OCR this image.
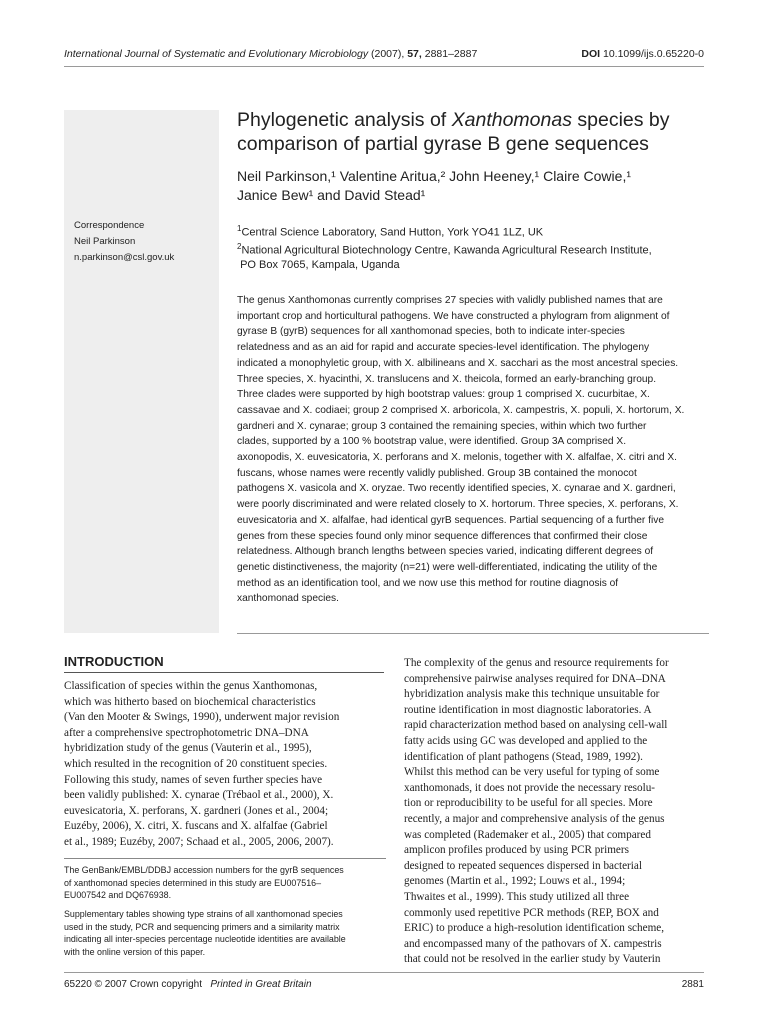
International Journal of Systematic and Evolutionary Microbiology (2007), 57, 2881–2887	DOI 10.1099/ijs.0.65220-0
Correspondence
Neil Parkinson
n.parkinson@csl.gov.uk
Phylogenetic analysis of Xanthomonas species by
comparison of partial gyrase B gene sequences
Neil Parkinson,¹ Valentine Aritua,² John Heeney,¹ Claire Cowie,¹
Janice Bew¹ and David Stead¹
$^1$Central Science Laboratory, Sand Hutton, York YO41 1LZ, UK
$^2$National Agricultural Biotechnology Centre, Kawanda Agricultural Research Institute,
PO Box 7065, Kampala, Uganda
The genus Xanthomonas currently comprises 27 species with validly published names that are
important crop and horticultural pathogens. We have constructed a phylogram from alignment of
gyrase B (gyrB) sequences for all xanthomonad species, both to indicate inter-species
relatedness and as an aid for rapid and accurate species-level identification. The phylogeny
indicated a monophyletic group, with X. albilineans and X. sacchari as the most ancestral species.
Three species, X. hyacinthi, X. translucens and X. theicola, formed an early-branching group.
Three clades were supported by high bootstrap values: group 1 comprised X. cucurbitae, X.
cassavae and X. codiaei; group 2 comprised X. arboricola, X. campestris, X. populi, X. hortorum, X.
gardneri and X. cynarae; group 3 contained the remaining species, within which two further
clades, supported by a 100 % bootstrap value, were identified. Group 3A comprised X.
axonopodis, X. euvesicatoria, X. perforans and X. melonis, together with X. alfalfae, X. citri and X.
fuscans, whose names were recently validly published. Group 3B contained the monocot
pathogens X. vasicola and X. oryzae. Two recently identified species, X. cynarae and X. gardneri,
were poorly discriminated and were related closely to X. hortorum. Three species, X. perforans, X.
euvesicatoria and X. alfalfae, had identical gyrB sequences. Partial sequencing of a further five
genes from these species found only minor sequence differences that confirmed their close
relatedness. Although branch lengths between species varied, indicating different degrees of
genetic distinctiveness, the majority (n=21) were well-differentiated, indicating the utility of the
method as an identification tool, and we now use this method for routine diagnosis of
xanthomonad species.
INTRODUCTION
Classification of species within the genus Xanthomonas,
which was hitherto based on biochemical characteristics
(Van den Mooter & Swings, 1990), underwent major revision
after a comprehensive spectrophotometric DNA–DNA
hybridization study of the genus (Vauterin et al., 1995),
which resulted in the recognition of 20 constituent species.
Following this study, names of seven further species have
been validly published: X. cynarae (Trébaol et al., 2000), X.
euvesicatoria, X. perforans, X. gardneri (Jones et al., 2004;
Euzéby, 2006), X. citri, X. fuscans and X. alfalfae (Gabriel
et al., 1989; Euzéby, 2007; Schaad et al., 2005, 2006, 2007).
The complexity of the genus and resource requirements for
comprehensive pairwise analyses required for DNA–DNA
hybridization analysis make this technique unsuitable for
routine identification in most diagnostic laboratories. A
rapid characterization method based on analysing cell-wall
fatty acids using GC was developed and applied to the
identification of plant pathogens (Stead, 1989, 1992).
Whilst this method can be very useful for typing of some
xanthomonads, it does not provide the necessary resolu-
tion or reproducibility to be useful for all species. More
recently, a major and comprehensive analysis of the genus
was completed (Rademaker et al., 2005) that compared
amplicon profiles produced by using PCR primers
designed to repeated sequences dispersed in bacterial
genomes (Martin et al., 1992; Louws et al., 1994;
Thwaites et al., 1999). This study utilized all three
commonly used repetitive PCR methods (REP, BOX and
ERIC) to produce a high-resolution identification scheme,
and encompassed many of the pathovars of X. campestris
that could not be resolved in the earlier study by Vauterin
The GenBank/EMBL/DDBJ accession numbers for the gyrB sequences
of xanthomonad species determined in this study are EU007516–
EU007542 and DQ676938.
Supplementary tables showing type strains of all xanthomonad species
used in the study, PCR and sequencing primers and a similarity matrix
indicating all inter-species percentage nucleotide identities are available
with the online version of this paper.
65220 © 2007 Crown copyright Printed in Great Britain	2881
